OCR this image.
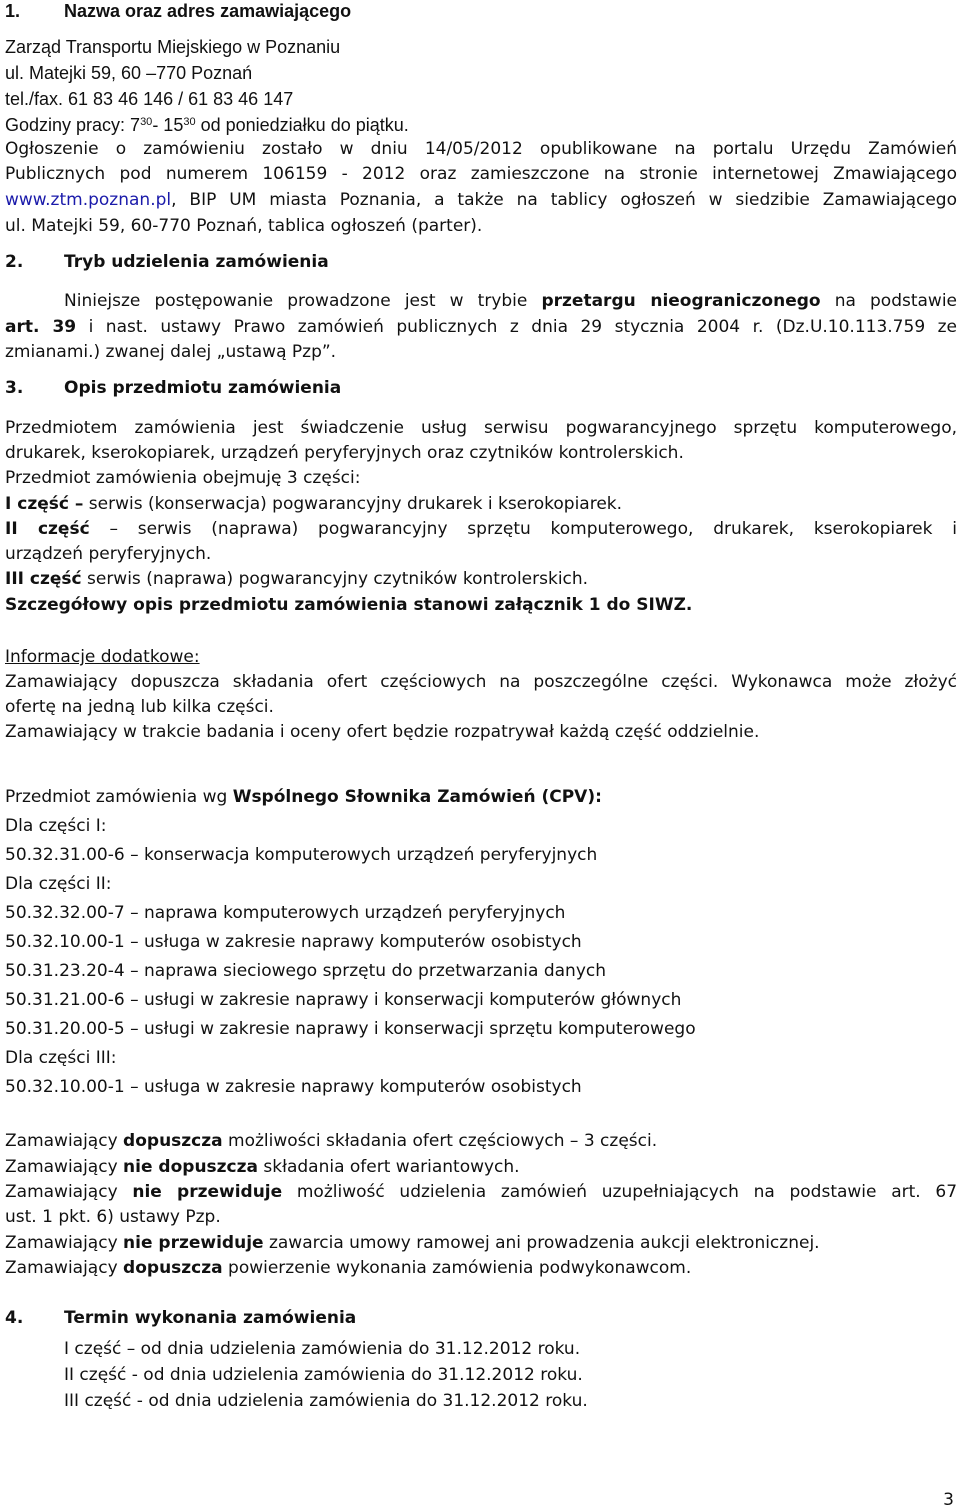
1. Nazwa oraz adres zamawiającego
Zarząd Transportu Miejskiego w Poznaniu
ul. Matejki 59, 60 –770 Poznań
tel./fax. 61 83 46 146 / 61 83 46 147
Godziny pracy: $7^{30}-$ $15^{30}$ od poniedziałku do piątku.
Ogłoszenie o zamówieniu zostało w dniu 14/05/2012 opublikowane na portalu Urzędu Zamówień
Publicznych pod numerem 106159 - 2012 oraz zamieszczone na stronie internetowej Zmawiającego
www.ztm.poznan.pl, BIP UM miasta Poznania, a także na tablicy ogłoszeń w siedzibie Zamawiającego
ul. Matejki 59, 60-770 Poznań, tablica ogłoszeń (parter).
2. Tryb udzielenia zamówienia
Niniejsze postępowanie prowadzone jest w trybie przetargu nieograniczonego na podstawie
art. 39 i nast. ustawy Prawo zamówień publicznych z dnia 29 stycznia 2004 r. (Dz.U.10.113.759 ze
zmianami.) zwanej dalej „ustawą Pzp”.
3. Opis przedmiotu zamówienia
Przedmiotem zamówienia jest świadczenie usług serwisu pogwarancyjnego sprzętu komputerowego,
drukarek, kserokopiarek, urządzeń peryferyjnych oraz czytników kontrolerskich.
Przedmiot zamówienia obejmuję 3 części:
I część – serwis (konserwacja) pogwarancyjny drukarek i kserokopiarek.
II część – serwis (naprawa) pogwarancyjny sprzętu komputerowego, drukarek, kserokopiarek i
urządzeń peryferyjnych.
III część serwis (naprawa) pogwarancyjny czytników kontrolerskich.
Szczegółowy opis przedmiotu zamówienia stanowi załącznik 1 do SIWZ.
Informacje dodatkowe:
Zamawiający dopuszcza składania ofert częściowych na poszczególne części. Wykonawca może złożyć
ofertę na jedną lub kilka części.
Zamawiający w trakcie badania i oceny ofert będzie rozpatrywał każdą część oddzielnie.
Przedmiot zamówienia wg Wspólnego Słownika Zamówień (CPV):
Dla części I:
50.32.31.00-6 – konserwacja komputerowych urządzeń peryferyjnych
Dla części II:
50.32.32.00-7 – naprawa komputerowych urządzeń peryferyjnych
50.32.10.00-1 – usługa w zakresie naprawy komputerów osobistych
50.31.23.20-4 – naprawa sieciowego sprzętu do przetwarzania danych
50.31.21.00-6 – usługi w zakresie naprawy i konserwacji komputerów głównych
50.31.20.00-5 – usługi w zakresie naprawy i konserwacji sprzętu komputerowego
Dla części III:
50.32.10.00-1 – usługa w zakresie naprawy komputerów osobistych
Zamawiający dopuszcza możliwości składania ofert częściowych – 3 części.
Zamawiający nie dopuszcza składania ofert wariantowych.
Zamawiający nie przewiduje możliwość udzielenia zamówień uzupełniających na podstawie art. 67
ust. 1 pkt. 6) ustawy Pzp.
Zamawiający nie przewiduje zawarcia umowy ramowej ani prowadzenia aukcji elektronicznej.
Zamawiający dopuszcza powierzenie wykonania zamówienia podwykonawcom.
4. Termin wykonania zamówienia
I część – od dnia udzielenia zamówienia do 31.12.2012 roku.
II część - od dnia udzielenia zamówienia do 31.12.2012 roku.
III część - od dnia udzielenia zamówienia do 31.12.2012 roku.
3
